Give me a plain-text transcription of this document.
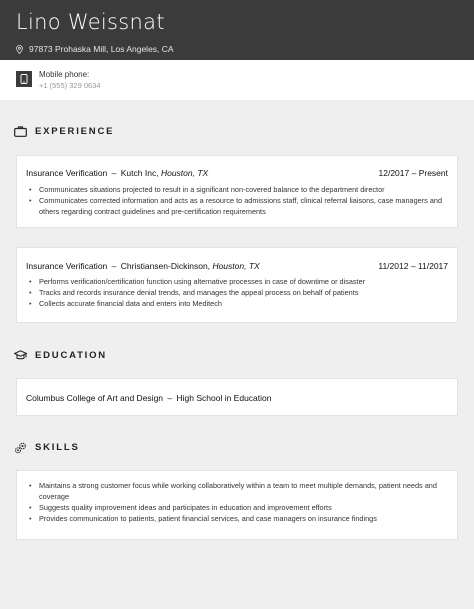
Lino Weissnat
97873 Prohaska Mill, Los Angeles, CA
Mobile phone:
+1 (555) 329 0634
EXPERIENCE
Insurance Verification – Kutch Inc, Houston, TX	12/2017 – Present
• Communicates situations projected to result in a significant non-covered balance to the department director
• Communicates corrected information and acts as a resource to admissions staff, clinical referral liaisons, case managers and others regarding contract guidelines and pre-certification requirements
Insurance Verification – Christiansen-Dickinson, Houston, TX	11/2012 – 11/2017
• Performs verification/certification function using alternative processes in case of downtime or disaster
• Tracks and records insurance denial trends, and manages the appeal process on behalf of patients
• Collects accurate financial data and enters into Meditech
EDUCATION
Columbus College of Art and Design – High School in Education
SKILLS
• Maintains a strong customer focus while working collaboratively within a team to meet multiple demands, patient needs and coverage
• Suggests quality improvement ideas and participates in education and improvement efforts
• Provides communication to patients, patient financial services, and case managers on insurance findings
